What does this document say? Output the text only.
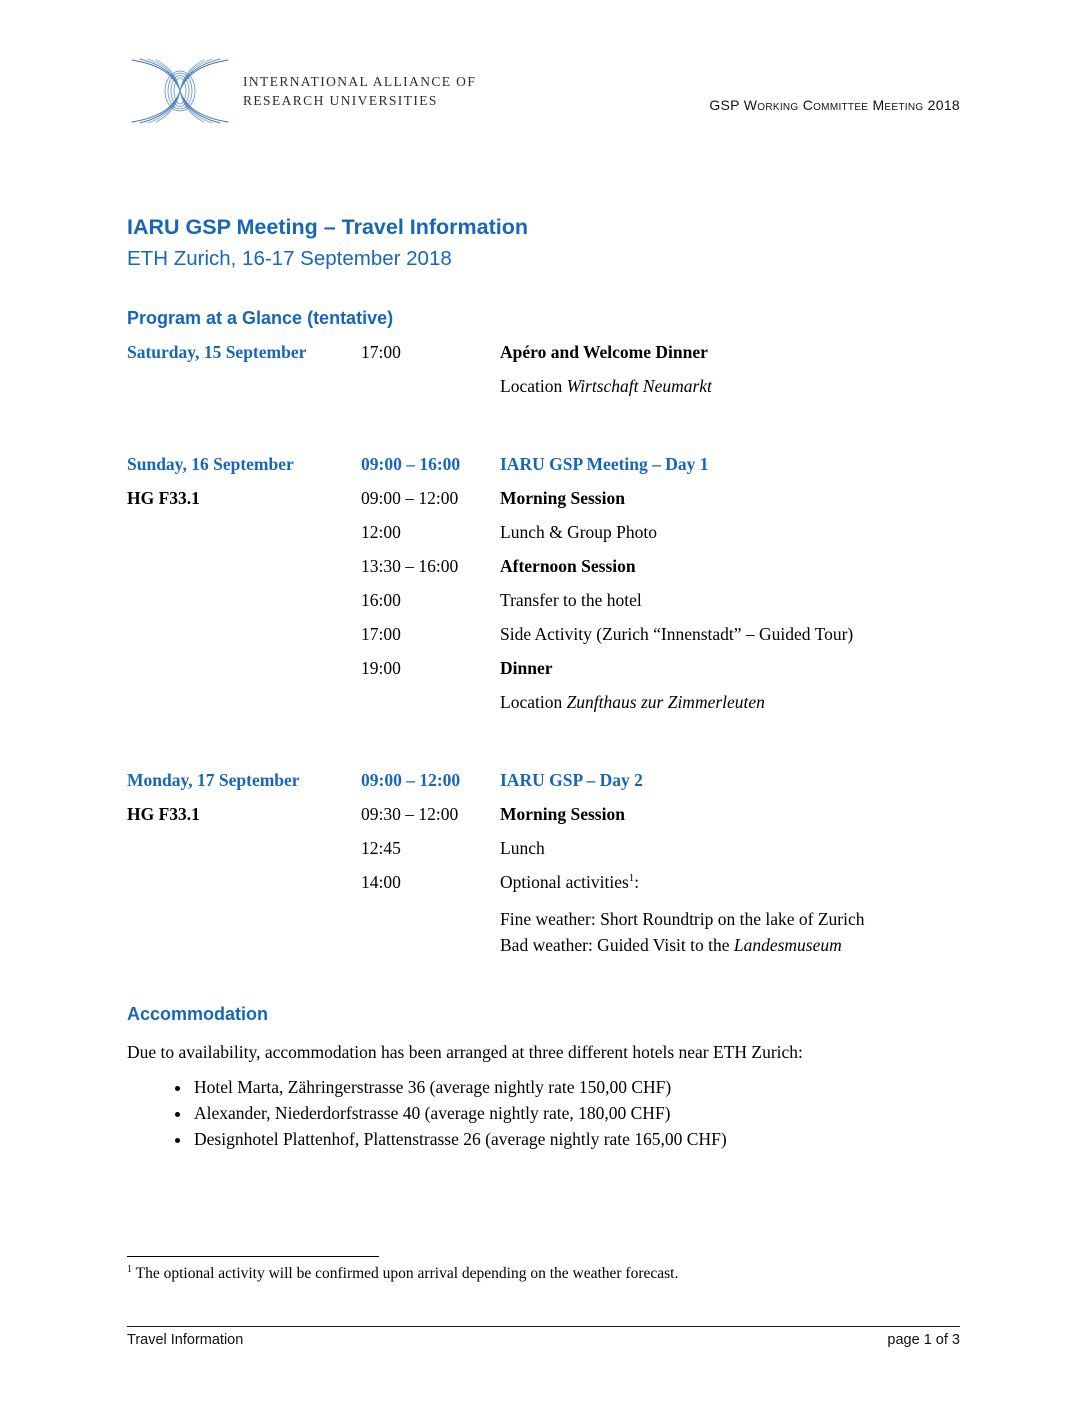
INTERNATIONAL ALLIANCE OF
RESEARCH UNIVERSITIES	GSP Working Committee Meeting 2018
IARU GSP Meeting – Travel Information
ETH Zurich, 16-17 September 2018
Program at a Glance (tentative)
Saturday, 15 September	17:00	Apéro and Welcome Dinner
Location Wirtschaft Neumarkt
Sunday, 16 September	09:00 – 16:00	IARU GSP Meeting – Day 1
HG F33.1	09:00 – 12:00	Morning Session
12:00	Lunch & Group Photo
13:30 – 16:00	Afternoon Session
16:00	Transfer to the hotel
17:00	Side Activity (Zurich “Innenstadt” – Guided Tour)
19:00	Dinner
Location Zunfthaus zur Zimmerleuten
Monday, 17 September	09:00 – 12:00	IARU GSP – Day 2
HG F33.1	09:30 – 12:00	Morning Session
12:45	Lunch
14:00	Optional activities$^1$:
Fine weather: Short Roundtrip on the lake of Zurich
Bad weather: Guided Visit to the Landesmuseum
Accommodation

Due to availability, accommodation has been arranged at three different hotels near ETH Zurich:

• Hotel Marta, Zähringerstrasse 36 (average nightly rate 150,00 CHF)
• Alexander, Niederdorfstrasse 40 (average nightly rate, 180,00 CHF)
• Designhotel Plattenhof, Plattenstrasse 26 (average nightly rate 165,00 CHF)

$^1$ The optional activity will be confirmed upon arrival depending on the weather forecast.

Travel Information	page 1 of 3
